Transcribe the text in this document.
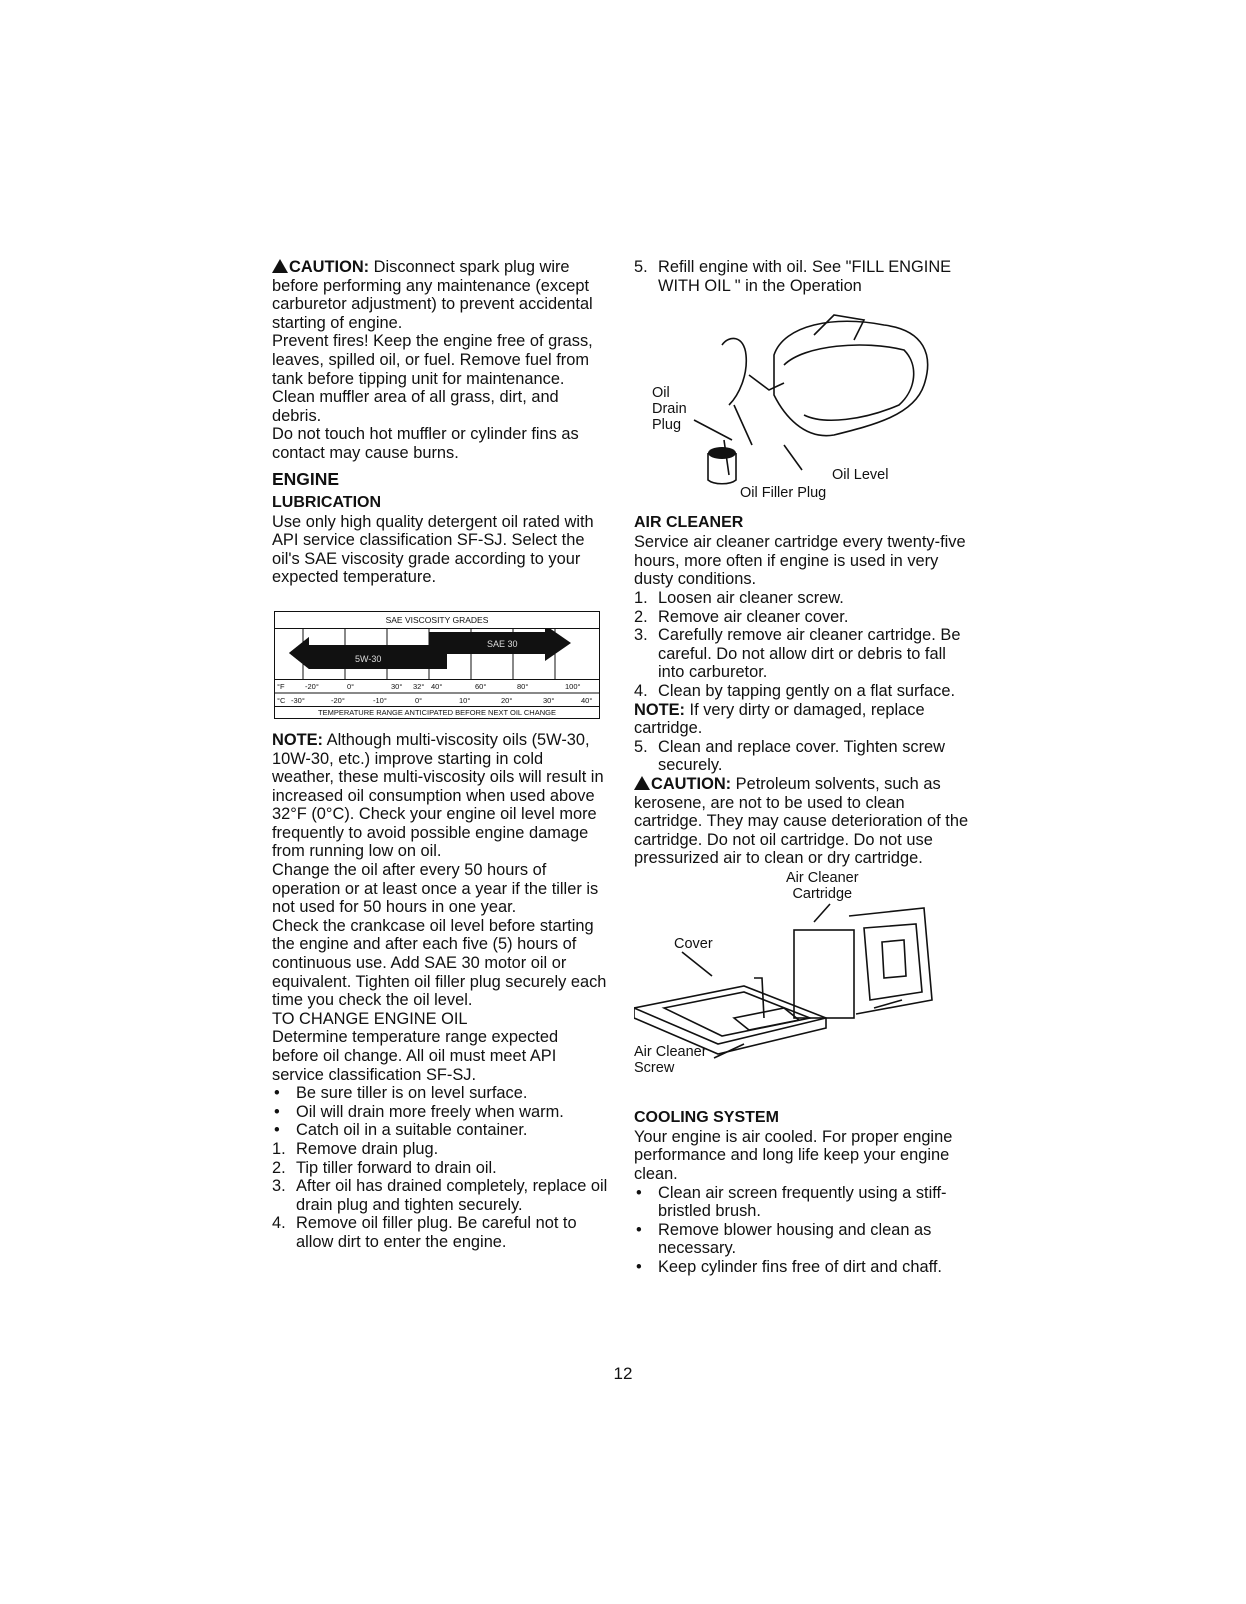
CAUTION: Disconnect spark plug wire before performing any maintenance (except carburetor adjustment) to prevent accidental starting of engine.

Prevent fires! Keep the engine free of grass, leaves, spilled oil, or fuel. Remove fuel from tank before tipping unit for maintenance. Clean muffler area of all grass, dirt, and debris.

Do not touch hot muffler or cylinder fins as contact may cause burns.

ENGINE

LUBRICATION

Use only high quality detergent oil rated with API service classification SF-SJ. Select the oil's SAE viscosity grade according to your expected temperature.

SAE VISCOSITY GRADES
5W-30
SAE 30
°F	-20°	0°	30° 32° 40°	60°	80°	100°
°C -30°	-20°	-10°	0°	10°	20°	30°	40°
TEMPERATURE RANGE ANTICIPATED BEFORE NEXT OIL CHANGE

NOTE: Although multi-viscosity oils (5W-30, 10W-30, etc.) improve starting in cold weather, these multi-viscosity oils will result in increased oil consumption when used above 32°F (0°C). Check your engine oil level more frequently to avoid possible engine damage from running low on oil.

Change the oil after every 50 hours of operation or at least once a year if the tiller is not used for 50 hours in one year.

Check the crankcase oil level before starting the engine and after each five (5) hours of continuous use. Add SAE 30 motor oil or equivalent. Tighten oil filler plug securely each time you check the oil level.

TO CHANGE ENGINE OIL

Determine temperature range expected before oil change. All oil must meet API service classification SF-SJ.

• Be sure tiller is on level surface.
• Oil will drain more freely when warm.
• Catch oil in a suitable container.
1. Remove drain plug.
2. Tip tiller forward to drain oil.
3. After oil has drained completely, replace oil drain plug and tighten securely.
4. Remove oil filler plug. Be careful not to allow dirt to enter the engine.
5. Refill engine with oil. See "FILL ENGINE WITH OIL " in the Operation
Oil
Drain
Plug
Oil Level
Oil Filler Plug

AIR CLEANER

Service air cleaner cartridge every twenty-five hours, more often if engine is used in very dusty conditions.

1. Loosen air cleaner screw.
2. Remove air cleaner cover.
3. Carefully remove air cleaner cartridge. Be careful. Do not allow dirt or debris to fall into carburetor.
4. Clean by tapping gently on a flat surface.

NOTE: If very dirty or damaged, replace cartridge.

5. Clean and replace cover. Tighten screw securely.

CAUTION: Petroleum solvents, such as kerosene, are not to be used to clean cartridge. They may cause deterioration of the cartridge. Do not oil cartridge. Do not use pressurized air to clean or dry cartridge.

Air Cleaner
Cartridge
Cover
Air Cleaner
Screw

COOLING SYSTEM

Your engine is air cooled. For proper engine performance and long life keep your engine clean.

• Clean air screen frequently using a stiff-bristled brush.
• Remove blower housing and clean as necessary.
• Keep cylinder fins free of dirt and chaff.
12
